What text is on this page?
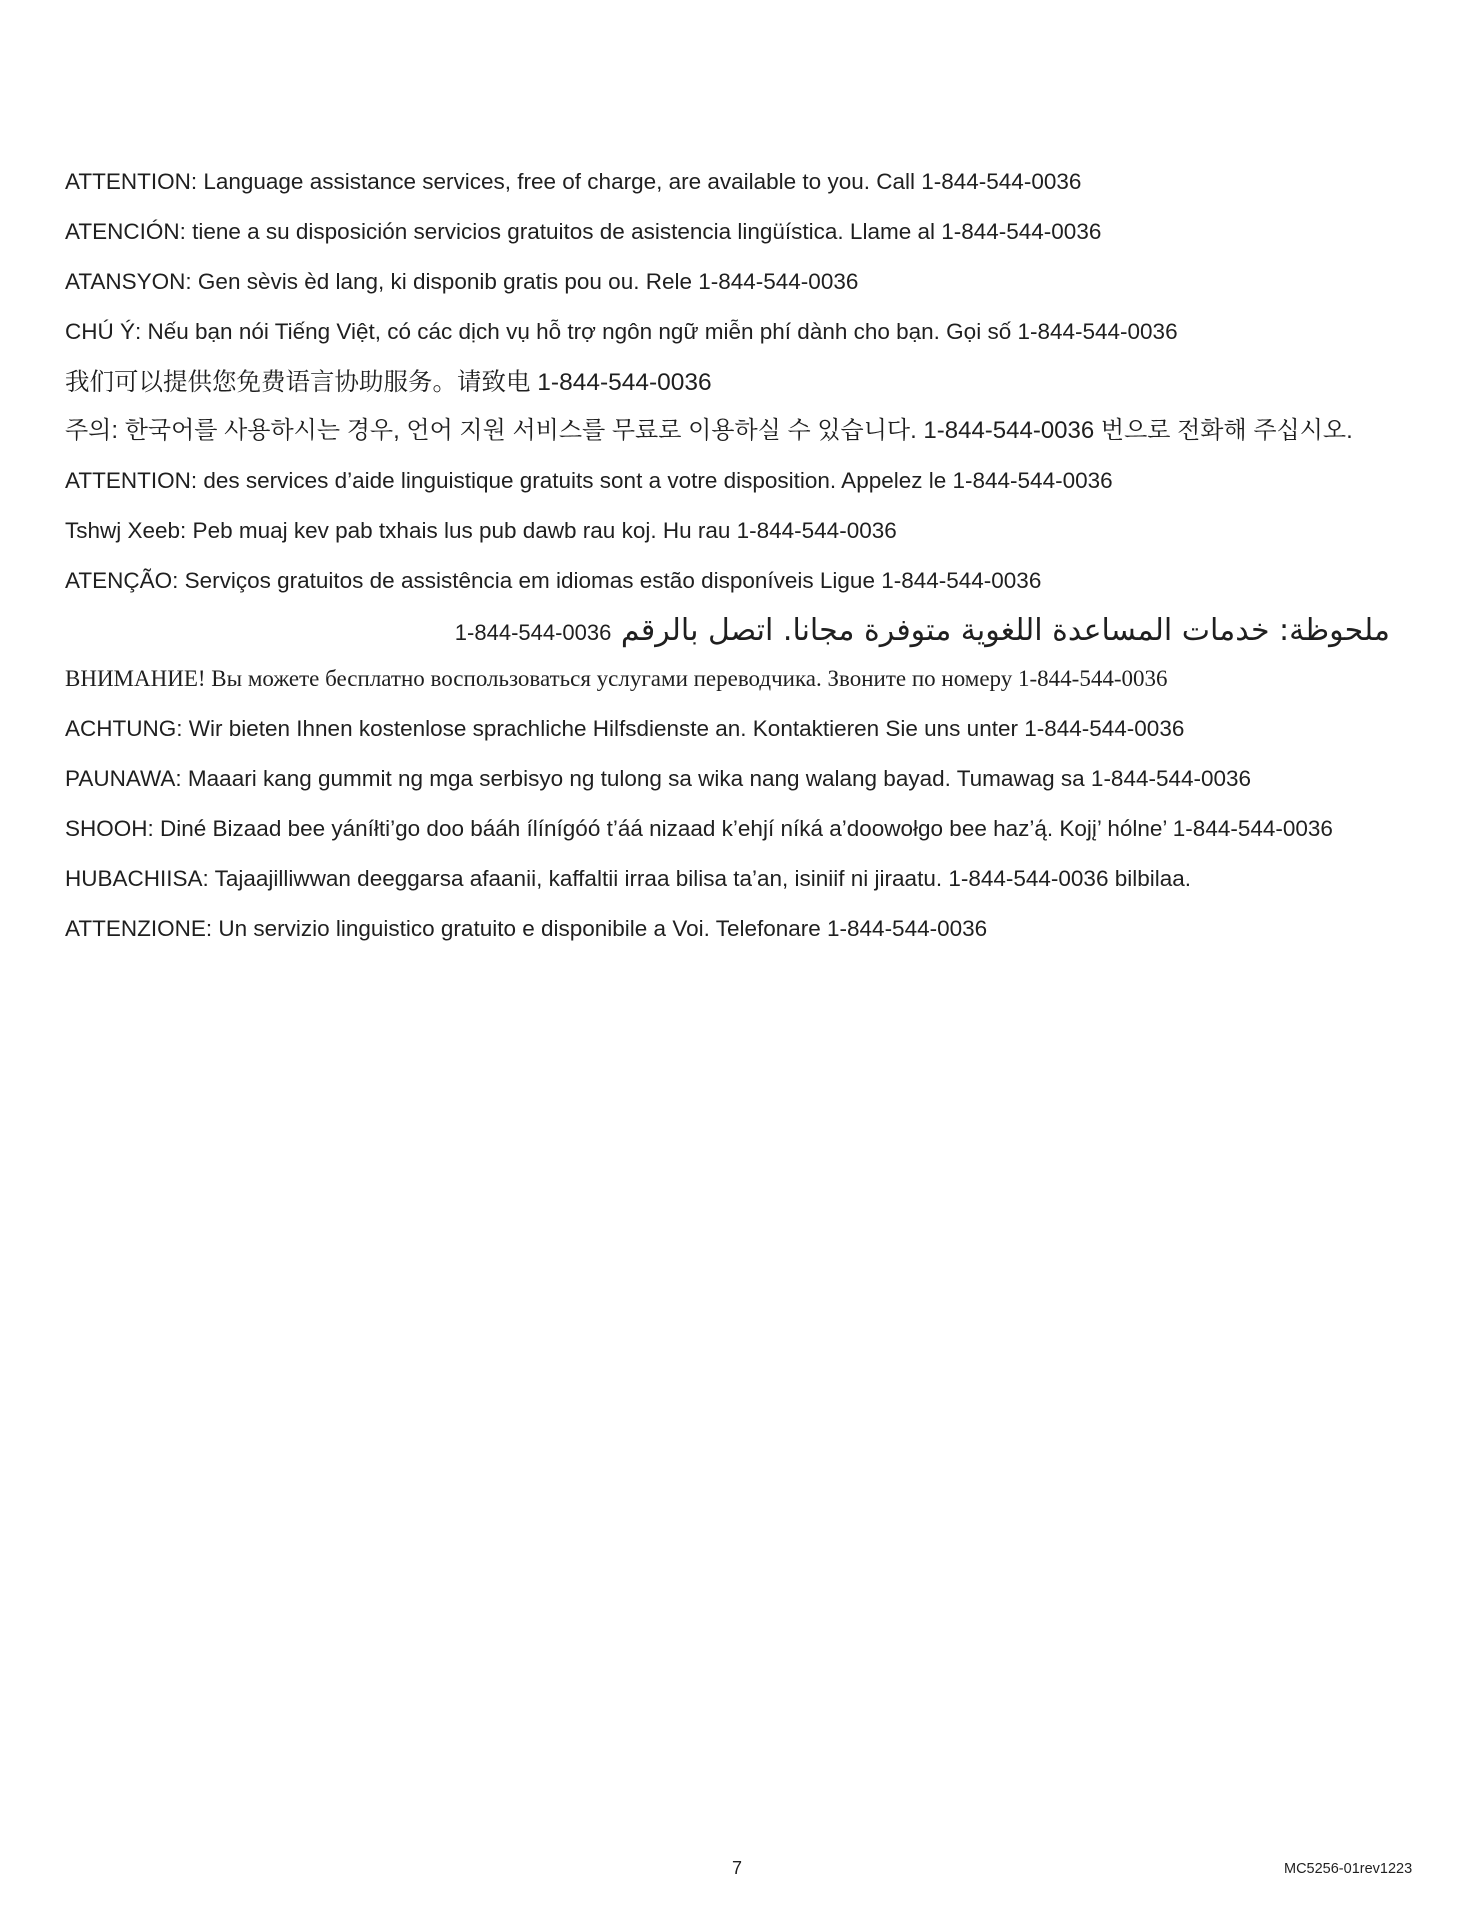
ATTENTION: Language assistance services, free of charge, are available to you. Call 1-844-544-0036

ATENCIÓN: tiene a su disposición servicios gratuitos de asistencia lingüística. Llame al 1-844-544-0036

ATANSYON: Gen sèvis èd lang, ki disponib gratis pou ou. Rele 1-844-544-0036

CHÚ Ý: Nếu bạn nói Tiếng Việt, có các dịch vụ hỗ trợ ngôn ngữ miễn phí dành cho bạn. Gọi số 1-844-544-0036

我们可以提供您免费语言协助服务。请致电 1-844-544-0036

주의: 한국어를 사용하시는 경우, 언어 지원 서비스를 무료로 이용하실 수 있습니다. 1-844-544-0036 번으로 전화해 주십시오.

ATTENTION: des services d’aide linguistique gratuits sont a votre disposition. Appelez le 1-844-544-0036

Tshwj Xeeb: Peb muaj kev pab txhais lus pub dawb rau koj. Hu rau 1-844-544-0036

ATENÇÃO: Serviços gratuitos de assistência em idiomas estão disponíveis Ligue 1-844-544-0036

ملحوظة: خدمات المساعدة اللغوية متوفرة مجانا. اتصل بالرقم 1-844-544-0036

ВНИМАНИЕ! Вы можете бесплатно воспользоваться услугами переводчика. Звоните по номеру 1-844-544-0036

ACHTUNG: Wir bieten Ihnen kostenlose sprachliche Hilfsdienste an. Kontaktieren Sie uns unter 1-844-544-0036

PAUNAWA: Maaari kang gummit ng mga serbisyo ng tulong sa wika nang walang bayad. Tumawag sa 1-844-544-0036

SHOOH: Diné Bizaad bee yáníłti’go doo bááh ílínígóó t’áá nizaad k’ehjí níká a’doowołgo bee haz’ą́. Kojį’ hólne’ 1-844-544-0036

HUBACHIISA: Tajaajilliwwan deeggarsa afaanii, kaffaltii irraa bilisa ta’an, isiniif ni jiraatu. 1-844-544-0036 bilbilaa.

ATTENZIONE: Un servizio linguistico gratuito e disponibile a Voi. Telefonare 1-844-544-0036

7	MC5256-01rev1223
